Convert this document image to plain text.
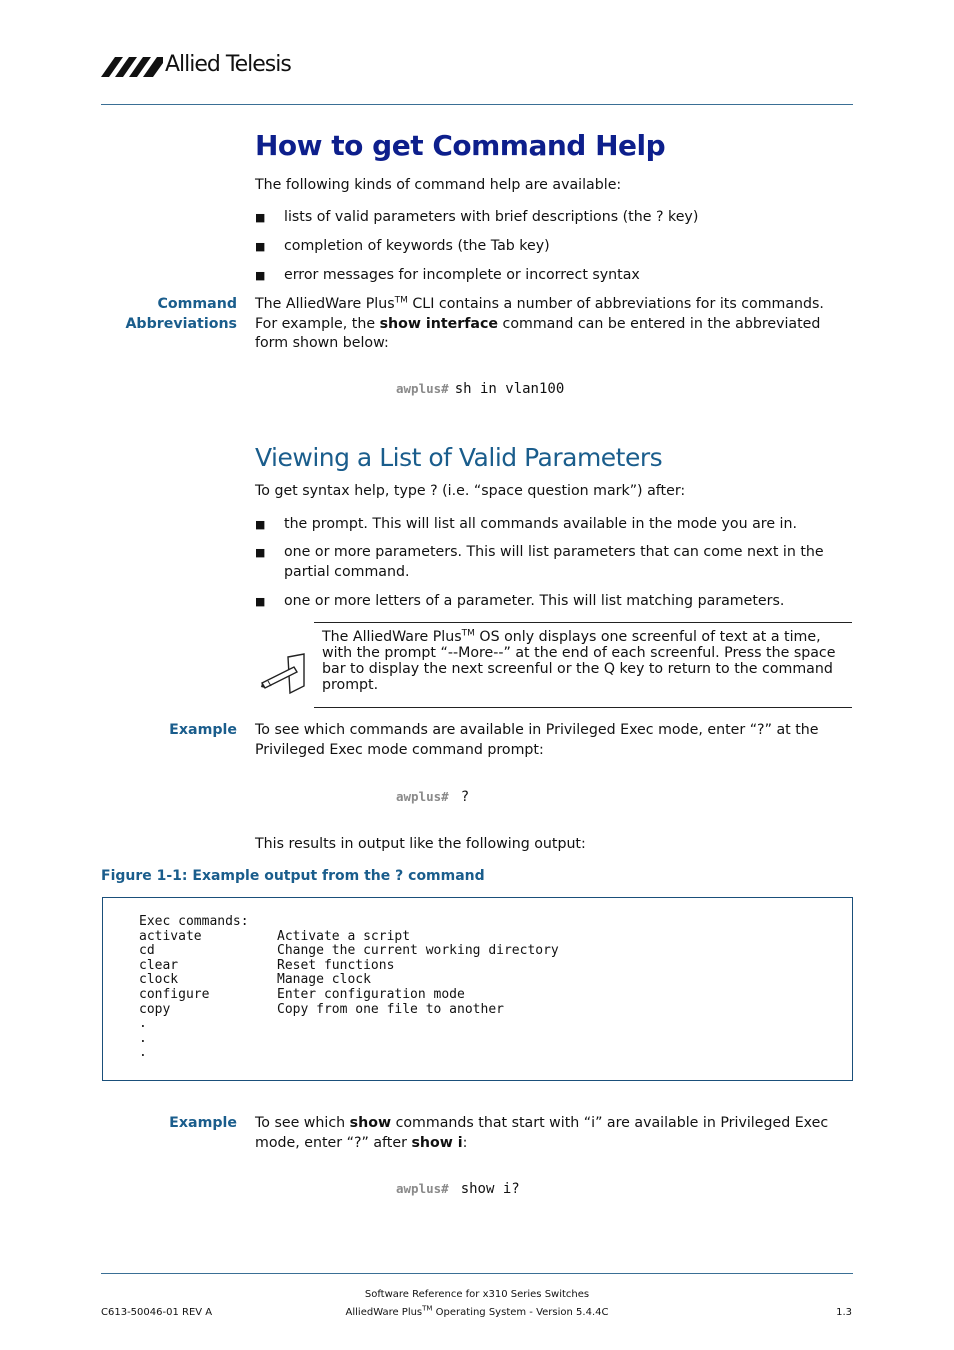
Allied Telesis
How to get Command Help
The following kinds of command help are available:
■ lists of valid parameters with brief descriptions (the ? key)
■ completion of keywords (the Tab key)
■ error messages for incomplete or incorrect syntax
Command
Abbreviations
The AlliedWare Plus™ CLI contains a number of abbreviations for its commands. For example, the show interface command can be entered in the abbreviated form shown below:
awplus# sh in vlan100
Viewing a List of Valid Parameters
To get syntax help, type ? (i.e. “space question mark”) after:
■ the prompt. This will list all commands available in the mode you are in.
■ one or more parameters. This will list parameters that can come next in the partial command.
■ one or more letters of a parameter. This will list matching parameters.
The AlliedWare Plus™ OS only displays one screenful of text at a time, with the prompt “--More--” at the end of each screenful. Press the space bar to display the next screenful or the Q key to return to the command prompt.
Example To see which commands are available in Privileged Exec mode, enter “?” at the Privileged Exec mode command prompt:
awplus# ?
This results in output like the following output:
Figure 1-1: Example output from the ? command
Exec commands:
activate	Activate a script
cd	Change the current working directory
clear	Reset functions
clock	Manage clock
configure	Enter configuration mode
copy	Copy from one file to another
.
.
.
Example To see which show commands that start with “i” are available in Privileged Exec mode, enter “?” after show i:
awplus# show i?
Software Reference for x310 Series Switches
AlliedWare Plus™ Operating System - Version 5.4.4C
C613-50046-01 REV A	1.3
